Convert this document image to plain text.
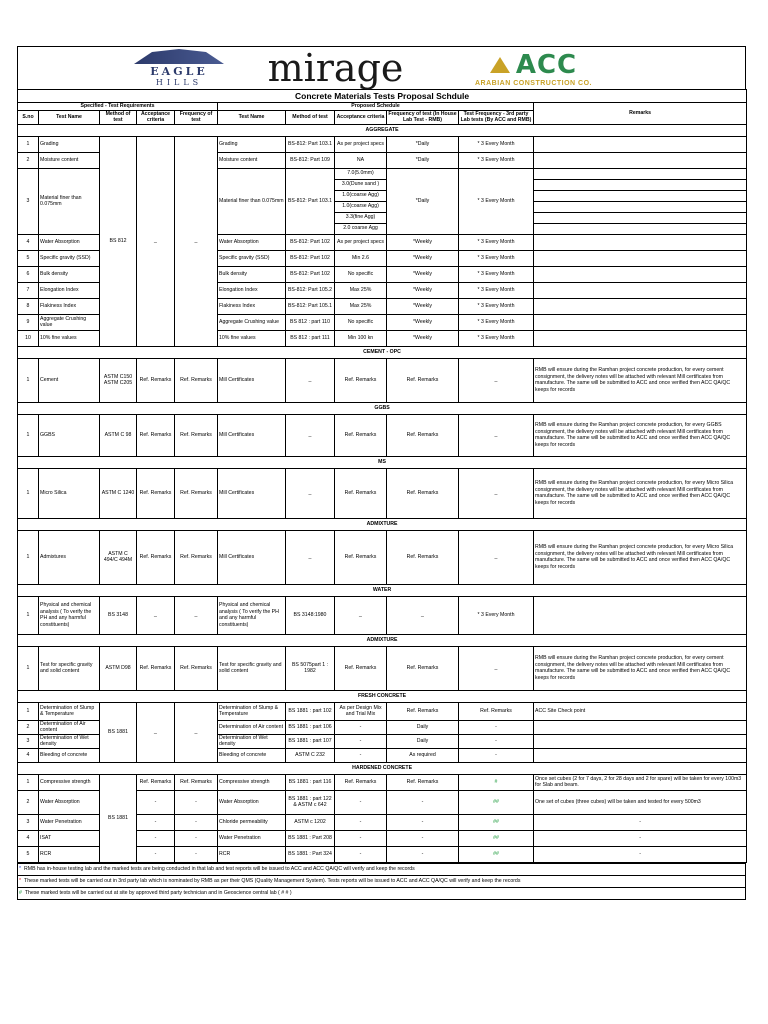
EAGLE
HILLS	mirage	ACC
ARABIAN CONSTRUCTION CO.
Concrete Materials Tests Proposal Schdule										
Specified - Test Requirements					Proposed Schedule					Remarks
S.no	Test Name	Method of test	Acceptance criteria	Frequency of test	Test Name	Method of test	Acceptance criteria	Frequency of test (In House Lab Test - RMB)	Test Frequency - 3rd party Lab tests (By ACC and RMB)	
AGGREGATE										
1	Grading	BS 812	_	_	Grading	BS-812: Part 103.1	As per project specs	*Daily	* 3 Every Month	
2	Moisture content				Moisture content	BS-812: Part 109	NA	*Daily	* 3 Every Month	
3	Material finer than 0.075mm				Material finer than 0.075mm	BS-812: Part 103.1	7.0(5.0mm)	*Daily	* 3 Every Month	
							3.0(Dune sand )			
							1.0(coarse Agg)			
							1.0(coarse Agg)			
							3.3(fine Agg)			
							2.0 coarse Agg			
4	Water Absorption				Water Absorption	BS-812: Part 102	As per project specs	*Weekly	* 3 Every Month	
5	Specific gravity (SSD)				Specific gravity (SSD)	BS-812: Part 102	Min 2.6	*Weekly	* 3 Every Month	
6	Bulk density				Bulk density	BS-812: Part 102	No specific	*Weekly	* 3 Every Month	
7	Elongation Index				Elongation Index	BS-812: Part 105.2	Max 25%	*Weekly	* 3 Every Month	
8	Flakiness Index				Flakiness Index	BS-812: Part 105.1	Max 25%	*Weekly	* 3 Every Month	
9	Aggregate Crushing value				Aggregate Crushing value	BS 812 : part 110	No specific	*Weekly	* 3 Every Month	
10	10% fine values				10% fine values	BS 812 : part 111	Min 100 kn	*Weekly	* 3 Every Month	
CEMENT - OPC										
1	Cement	ASTM C150 ASTM C205	Ref. Remarks	Ref. Remarks	Mill Certificates	_	Ref. Remarks	Ref. Remarks	_	RMB will ensure during the Ramhan project concrete production, for every cement consignment, the delivery notes will be attached with relevant Mill certificates from manufacture. The same will be submitted to ACC and once verified then ACC QA/QC keeps for records
GGBS										
1	GGBS	ASTM C 98	Ref. Remarks	Ref. Remarks	Mill Certificates	_	Ref. Remarks	Ref. Remarks	_	RMB will ensure during the Ramhan project concrete production, for every GGBS consignment, the delivery notes will be attached with relevant Mill certificates from manufacture. The same will be submitted to ACC and once verified then ACC QA/QC keeps for records
MS										
1	Micro Silica	ASTM C 1240	Ref. Remarks	Ref. Remarks	Mill Certificates	_	Ref. Remarks	Ref. Remarks	_	RMB will ensure during the Ramhan project concrete production, for every Micro Silica consignment, the delivery notes will be attached with relevant Mill certificates from manufacture. The same will be submitted to ACC and once verified then ACC QA/QC keeps for records
ADMIXTURE										
1	Admixtures	ASTM C 494/C 494M	Ref. Remarks	Ref. Remarks	Mill Certificates	_	Ref. Remarks	Ref. Remarks	_	RMB will ensure during the Ramhan project concrete production, for every Micro Silica consignment, the delivery notes will be attached with relevant Mill certificates from manufacture. The same will be submitted to ACC and once verified then ACC QA/QC keeps for records
WATER										
1	Physical and chemical analysis ( To verify the PH and any harmful constituents)	BS 3148	_	_	Physical and chemical analysis ( To verify the PH and any harmful constituents)	BS 3148:1980	_	_	* 3 Every Month	
ADMIXTURE										
1	Test for specific gravity and solid content	ASTM D98	Ref. Remarks	Ref. Remarks	Test for specific gravity and solid content	BS 5075part 1 : 1982	Ref. Remarks	Ref. Remarks	_	RMB will ensure during the Ramhan project concrete production, for every cement consignment, the delivery notes will be attached with relevant Mill certificates from manufacture. The same will be submitted to ACC and once verified then ACC QA/QC keeps for records
FRESH CONCRETE										
1	Determination of Slump & Temperature	BS 1881	_	_	Determination of Slump & Temperature	BS 1881 : part 102	As per Design Mix and Trial Mix	Ref. Remarks	Ref. Remarks	ACC Site Check point
2	Determination of Air content				Determination of Air content	BS 1881 : part 106	-	Daily	-	
3	Determination of Wet density				Determination of Wet density	BS 1881 : part 107	-	Daily	-	
4	Bleeding of concrete				Bleeding of concrete	ASTM C 232	-	As required	-	
HARDENED CONCRETE										
1	Compressive strength	BS 1881	Ref. Remarks	Ref. Remarks	Compressive strength	BS 1881 : part 116	Ref. Remarks	Ref. Remarks	#	Once set cubes (2 for 7 days, 2 for 28 days and 2 for spare) will be taken for every 100m3 for Slab and beam.
2	Water Absorption		-	-	Water Absorption	BS 1881 : part 122 & ASTM c 642	-	-	##	One set of cubes (three cubes) will be taken and tested for every 500m3
3	Water Penetration		-	-	Chloride permeability	ASTM c 1202	-	-	##	-
4	ISAT		-	-	Water Penetration	BS 1881 : Part 208	-	-	##	-
5	RCR		-	-	RCR	BS 1881 : Part 324	-	-	##	-
* RMB has in-house testing lab and the marked tests are being conducted in that lab and test reports will be issued to ACC and ACC QA/QC will verify and keep the records
* These marked tests will be carried out in 3rd party lab which is nominated by RMB as per their QMS (Quality Management System). Tests reports will be issued to ACC and ACC QA/QC will verify and keep the records
# These marked tests will be carried out at site by approved third party technician and in Geoscience central lab ( # # )
